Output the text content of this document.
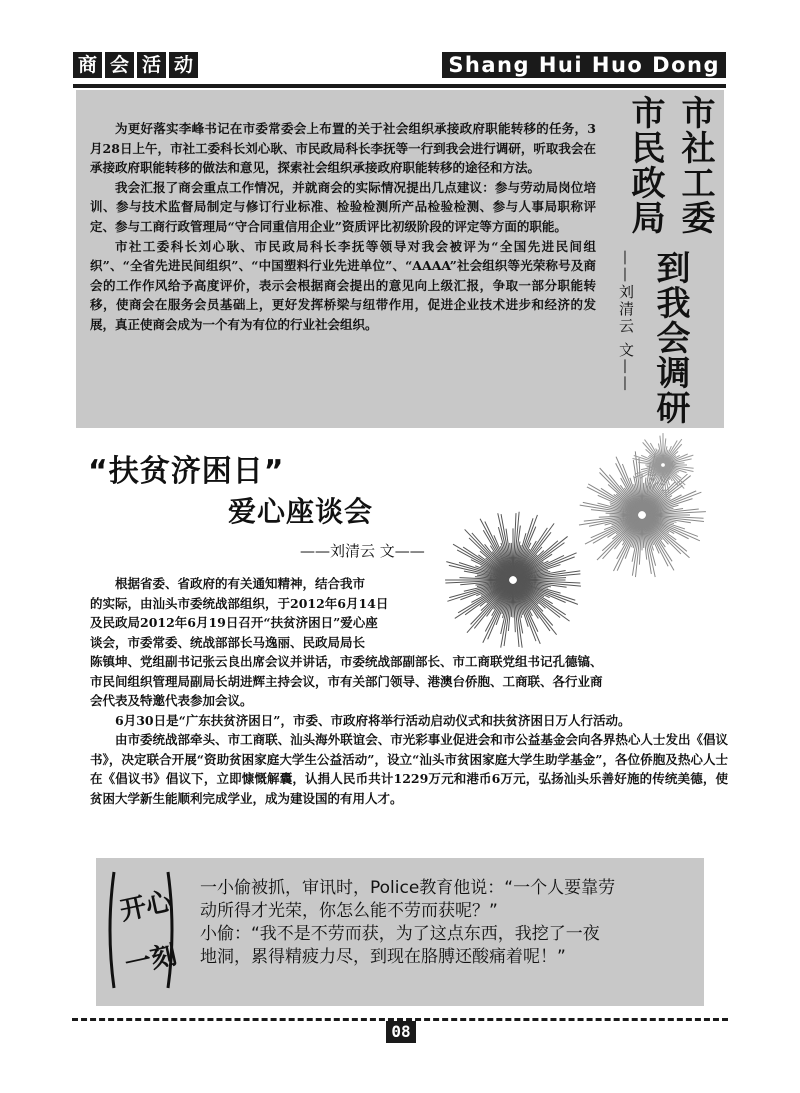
商 会 活 动	Shang Hui Huo Dong

为更好落实李峰书记在市委常委会上布置的关于社会组织承接政府职能转移的任务，3月28日上午，市社工委科长刘心耿、市民政局科长李抚等一行到我会进行调研，听取我会在承接政府职能转移的做法和意见，探索社会组织承接政府职能转移的途径和方法。

我会汇报了商会重点工作情况，并就商会的实际情况提出几点建议：参与劳动局岗位培训、参与技术监督局制定与修订行业标准、检验检测所产品检验检测、参与人事局职称评定、参与工商行政管理局“守合同重信用企业”资质评比初级阶段的评定等方面的职能。

市社工委科长刘心耿、市民政局科长李抚等领导对我会被评为“全国先进民间组织”、“全省先进民间组织”、“中国塑料行业先进单位”、“AAAA”社会组织等光荣称号及商会的工作作风给予高度评价，表示会根据商会提出的意见向上级汇报，争取一部分职能转移，使商会在服务会员基础上，更好发挥桥梁与纽带作用，促进企业技术进步和经济的发展，真正使商会成为一个有为有位的行业社会组织。

市社工委
市民政局
到我会调研
——刘清云 文——
“扶贫济困日”
爱心座谈会
——刘清云 文——
根据省委、省政府的有关通知精神，结合我市
的实际，由汕头市委统战部组织，于2012年6月14日
及民政局2012年6月19日召开“扶贫济困日”爱心座
谈会，市委常委、统战部部长马逸丽、民政局局长
陈镇坤、党组副书记张云良出席会议并讲话，市委统战部副部长、市工商联党组书记孔德镐、
市民间组织管理局副局长胡进辉主持会议，市有关部门领导、港澳台侨胞、工商联、各行业商
会代表及特邀代表参加会议。

6月30日是“广东扶贫济困日”，市委、市政府将举行活动启动仪式和扶贫济困日万人行活动。

由市委统战部牵头、市工商联、汕头海外联谊会、市光彩事业促进会和市公益基金会向各界热心人士发出《倡议书》，决定联合开展“资助贫困家庭大学生公益活动”，设立“汕头市贫困家庭大学生助学基金”，各位侨胞及热心人士在《倡议书》倡议下，立即慷慨解囊，认捐人民币共计1229万元和港币6万元，弘扬汕头乐善好施的传统美德，使贫困大学新生能顺利完成学业，成为建设国的有用人才。

开心
一刻

一小偷被抓，审讯时，Police教育他说：“一个人要靠劳

动所得才光荣，你怎么能不劳而获呢？”

小偷：“我不是不劳而获，为了这点东西，我挖了一夜

地洞，累得精疲力尽，到现在胳膊还酸痛着呢！”

08
